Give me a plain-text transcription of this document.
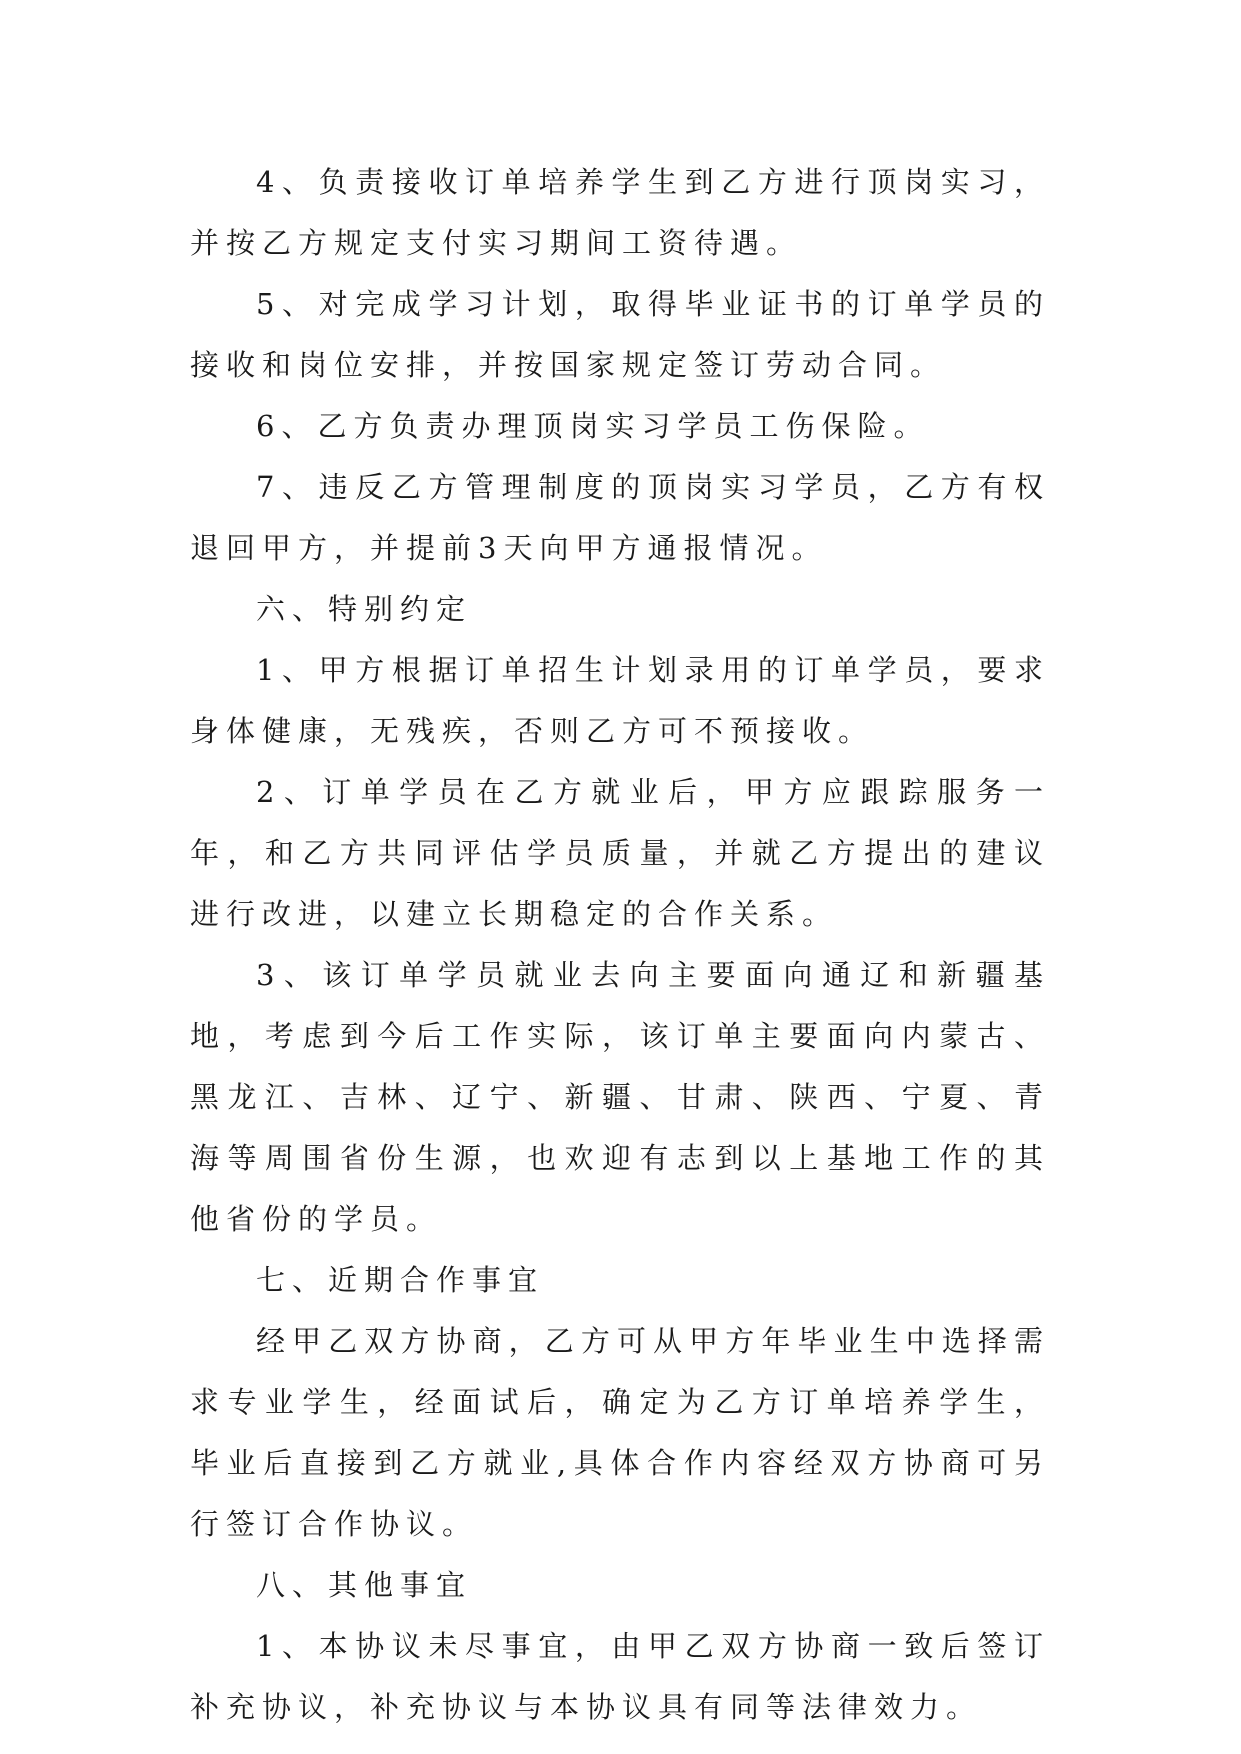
4、负责接收订单培养学生到乙方进行顶岗实习，并按乙方规定支付实习期间工资待遇。

5、对完成学习计划，取得毕业证书的订单学员的接收和岗位安排，并按国家规定签订劳动合同。

6、乙方负责办理顶岗实习学员工伤保险。

7、违反乙方管理制度的顶岗实习学员，乙方有权退回甲方，并提前3天向甲方通报情况。

六、特别约定

1、甲方根据订单招生计划录用的订单学员，要求身体健康，无残疾，否则乙方可不预接收。

2、订单学员在乙方就业后，甲方应跟踪服务一年，和乙方共同评估学员质量，并就乙方提出的建议进行改进，以建立长期稳定的合作关系。

3、该订单学员就业去向主要面向通辽和新疆基地，考虑到今后工作实际，该订单主要面向内蒙古、黑龙江、吉林、辽宁、新疆、甘肃、陕西、宁夏、青海等周围省份生源，也欢迎有志到以上基地工作的其他省份的学员。

七、近期合作事宜

经甲乙双方协商，乙方可从甲方年毕业生中选择需求专业学生，经面试后，确定为乙方订单培养学生，毕业后直接到乙方就业,具体合作内容经双方协商可另行签订合作协议。

八、其他事宜

1、本协议未尽事宜，由甲乙双方协商一致后签订补充协议，补充协议与本协议具有同等法律效力。
